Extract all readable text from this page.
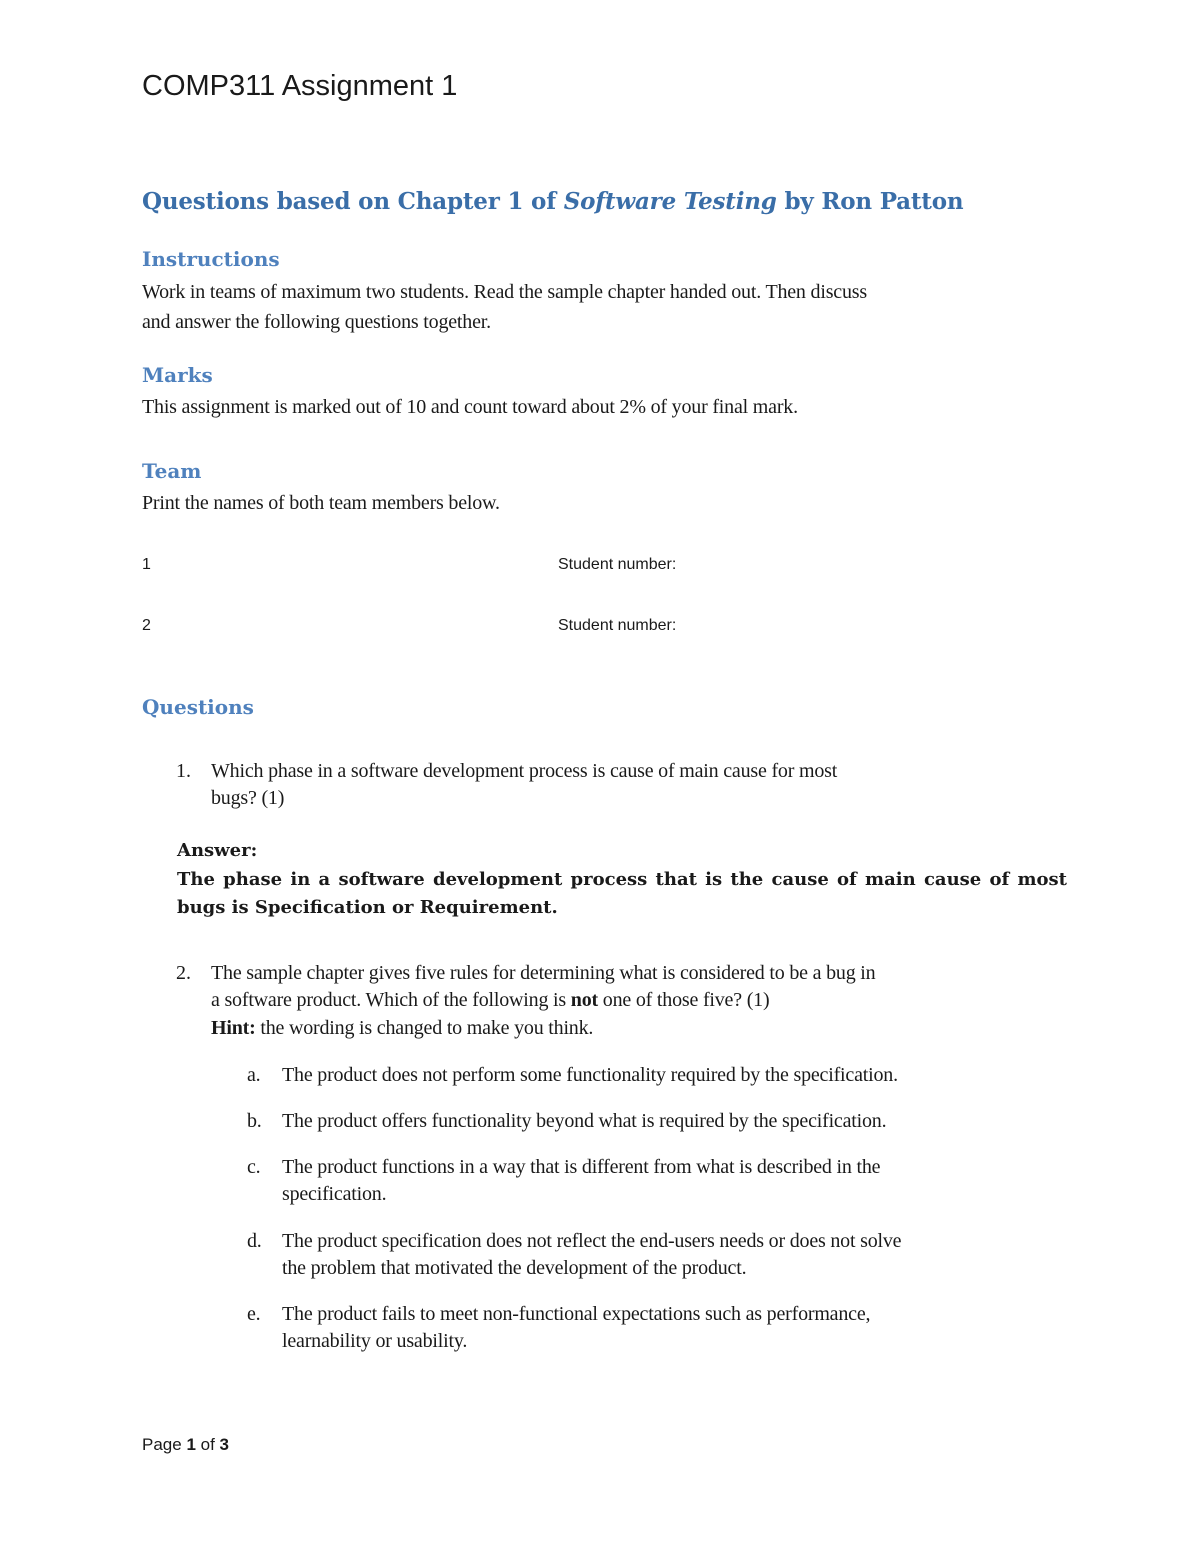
COMP311 Assignment 1
Questions based on Chapter 1 of Software Testing by Ron Patton
Instructions
Work in teams of maximum two students. Read the sample chapter handed out. Then discuss
and answer the following questions together.
Marks
This assignment is marked out of 10 and count toward about 2% of your final mark.
Team
Print the names of both team members below.
1	Student number:
2	Student number:
Questions
1. Which phase in a software development process is cause of main cause for most
bugs? (1)
Answer:
The phase in a software development process that is the cause of main cause of most bugs is Specification or Requirement.
2. The sample chapter gives five rules for determining what is considered to be a bug in
a software product. Which of the following is not one of those five? (1)
Hint: the wording is changed to make you think.
a. The product does not perform some functionality required by the specification.
b. The product offers functionality beyond what is required by the specification.
c. The product functions in a way that is different from what is described in the
specification.
d. The product specification does not reflect the end-users needs or does not solve
the problem that motivated the development of the product.
e. The product fails to meet non-functional expectations such as performance,
learnability or usability.
Page 1 of 3
